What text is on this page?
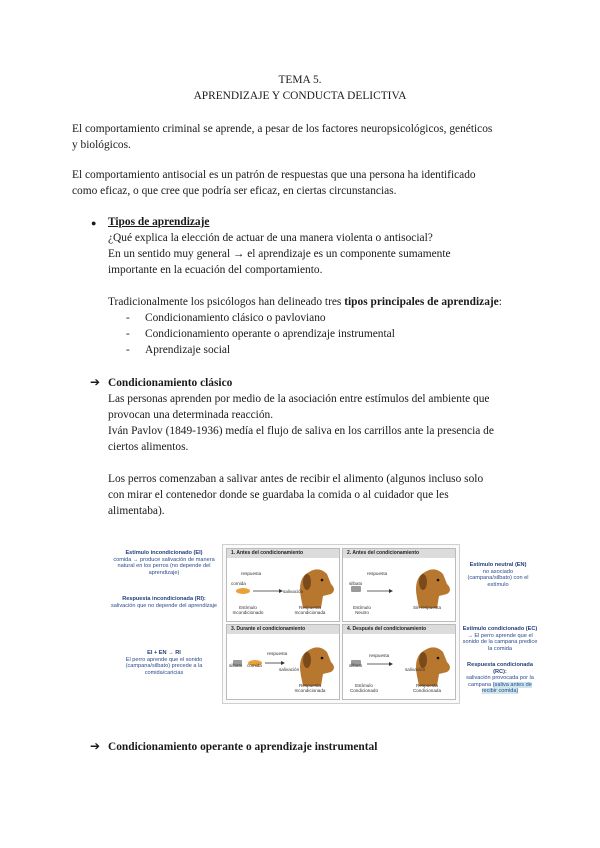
TEMA 5.
APRENDIZAJE Y CONDUCTA DELICTIVA
El comportamiento criminal se aprende, a pesar de los factores neuropsicológicos, genéticos
y biológicos.
El comportamiento antisocial es un patrón de respuestas que una persona ha identificado
como eficaz, o que cree que podría ser eficaz, en ciertas circunstancias.
● Tipos de aprendizaje
¿Qué explica la elección de actuar de una manera violenta o antisocial?
En un sentido muy general → el aprendizaje es un componente sumamente
importante en la ecuación del comportamiento.
Tradicionalmente los psicólogos han delineado tres tipos principales de aprendizaje:
- Condicionamiento clásico o pavloviano
- Condicionamiento operante o aprendizaje instrumental
- Aprendizaje social
➔ Condicionamiento clásico
Las personas aprenden por medio de la asociación entre estímulos del ambiente que
provocan una determinada reacción.
Iván Pavlov (1849-1936) medía el flujo de saliva en los carrillos ante la presencia de
ciertos alimentos.
Los perros comenzaban a salivar antes de recibir el alimento (algunos incluso solo
con mirar el contenedor donde se guardaba la comida o al cuidador que les
alimentaba).
Estímulo incondicionado (EI)
comida → produce salivación de manera natural en los perros (no depende del aprendizaje)
Respuesta incondicionada (RI):
salivación que no depende del aprendizaje
EI + EN → RI
El perro aprende que el sonido (campana/silbato) precede a la comida/caricias
1. Antes del condicionamiento
respuesta
comida
salivación
Estímulo Incondicionado
Respuesta Incondicionada
2. Antes del condicionamiento
respuesta
silbato
Estímulo Neutro
Sin respuesta
3. Durante el condicionamiento
silbato comida
respuesta
salivación
Respuesta Incondicionada
4. Después del condicionamiento
silbato
respuesta
salivación
Estímulo Condicionado
Respuesta Condicionada
Estímulo neutral (EN)
no asociado (campana/silbato) con el estímulo
Estímulo condicionado (EC)
→ El perro aprende que el sonido de la campana predice la comida
Respuesta condicionada (RC):
salivación provocada por la campana (saliva antes de recibir comida)
➔ Condicionamiento operante o aprendizaje instrumental
